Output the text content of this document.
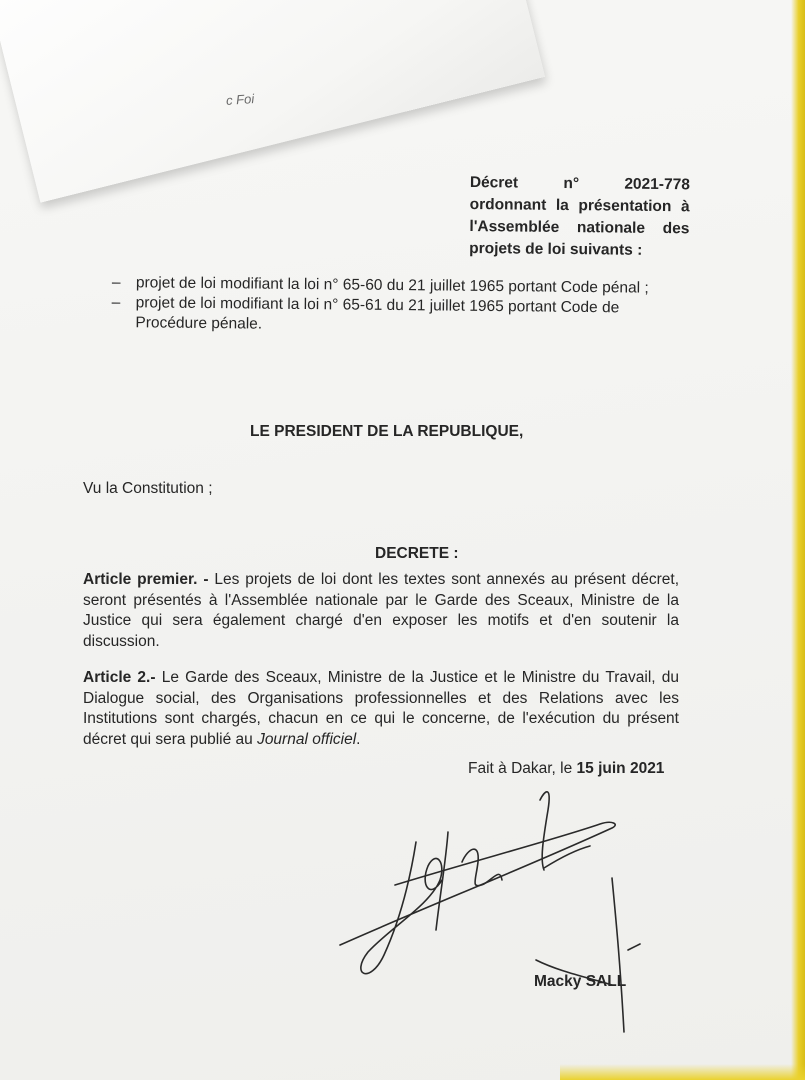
c Foi
Décret n° 2021-778
ordonnant la présentation à
l'Assemblée nationale des
projets de loi suivants :
– projet de loi modifiant la loi n° 65-60 du 21 juillet 1965 portant Code pénal ;
– projet de loi modifiant la loi n° 65-61 du 21 juillet 1965 portant Code de Procédure pénale.
LE PRESIDENT DE LA REPUBLIQUE,
Vu la Constitution ;
DECRETE :
Article premier. - Les projets de loi dont les textes sont annexés au présent décret, seront présentés à l'Assemblée nationale par le Garde des Sceaux, Ministre de la Justice qui sera également chargé d'en exposer les motifs et d'en soutenir la discussion.
Article 2.- Le Garde des Sceaux, Ministre de la Justice et le Ministre du Travail, du Dialogue social, des Organisations professionnelles et des Relations avec les Institutions sont chargés, chacun en ce qui le concerne, de l'exécution du présent décret qui sera publié au Journal officiel.
Fait à Dakar, le 15 juin 2021
Macky SALL
